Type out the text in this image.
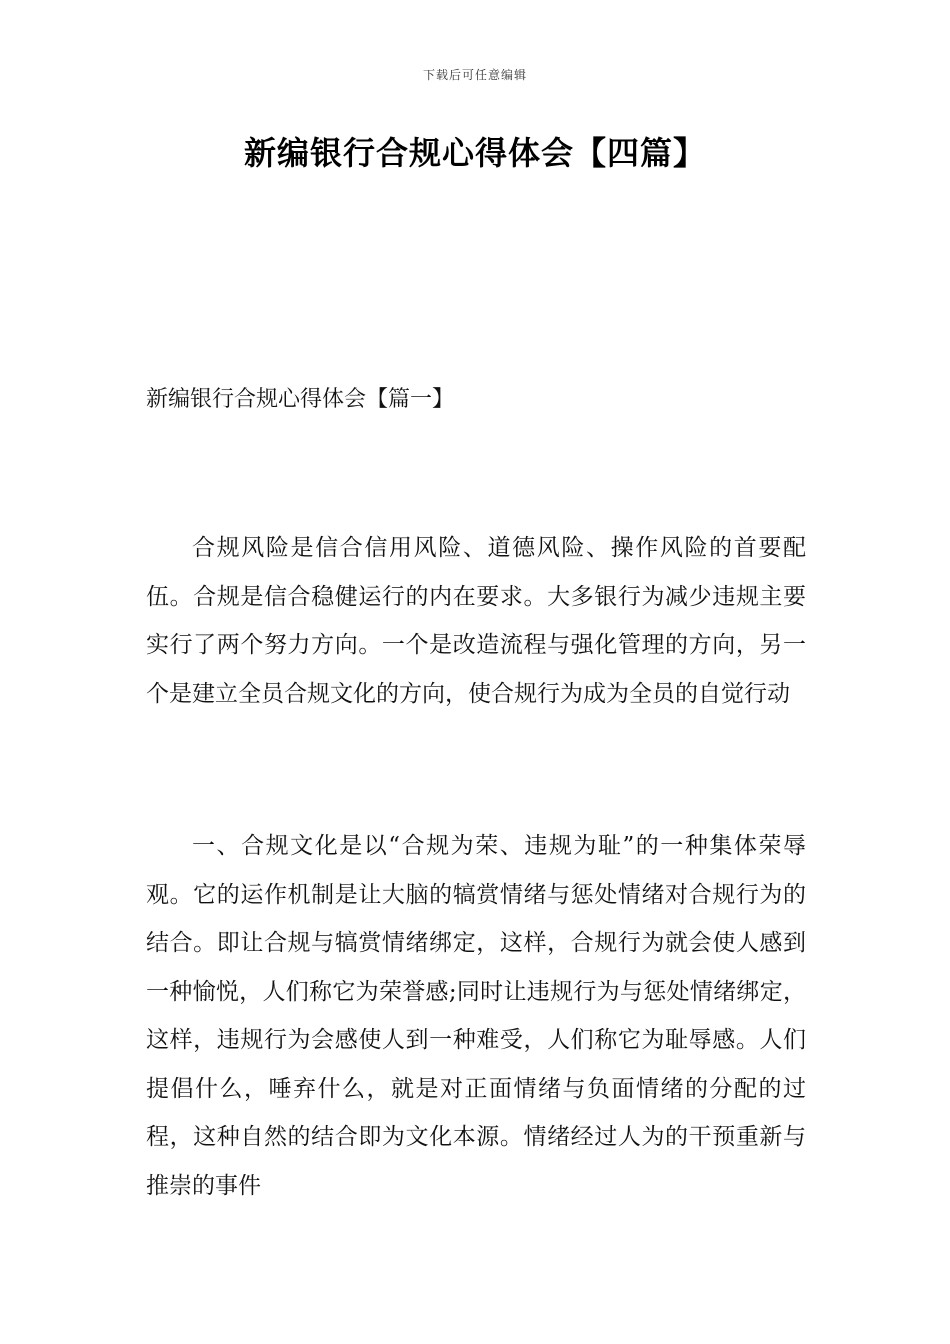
下载后可任意编辑
新编银行合规心得体会【四篇】
新编银行合规心得体会【篇一】

合规风险是信合信用风险、道德风险、操作风险的首要配伍。合规是信合稳健运行的内在要求。大多银行为减少违规主要实行了两个努力方向。一个是改造流程与强化管理的方向，另一个是建立全员合规文化的方向，使合规行为成为全员的自觉行动

一、合规文化是以“合规为荣、违规为耻”的一种集体荣辱观。它的运作机制是让大脑的犒赏情绪与惩处情绪对合规行为的结合。即让合规与犒赏情绪绑定，这样，合规行为就会使人感到一种愉悦，人们称它为荣誉感;同时让违规行为与惩处情绪绑定，这样，违规行为会感使人到一种难受，人们称它为耻辱感。人们提倡什么，唾弃什么，就是对正面情绪与负面情绪的分配的过程，这种自然的结合即为文化本源。情绪经过人为的干预重新与推崇的事件
